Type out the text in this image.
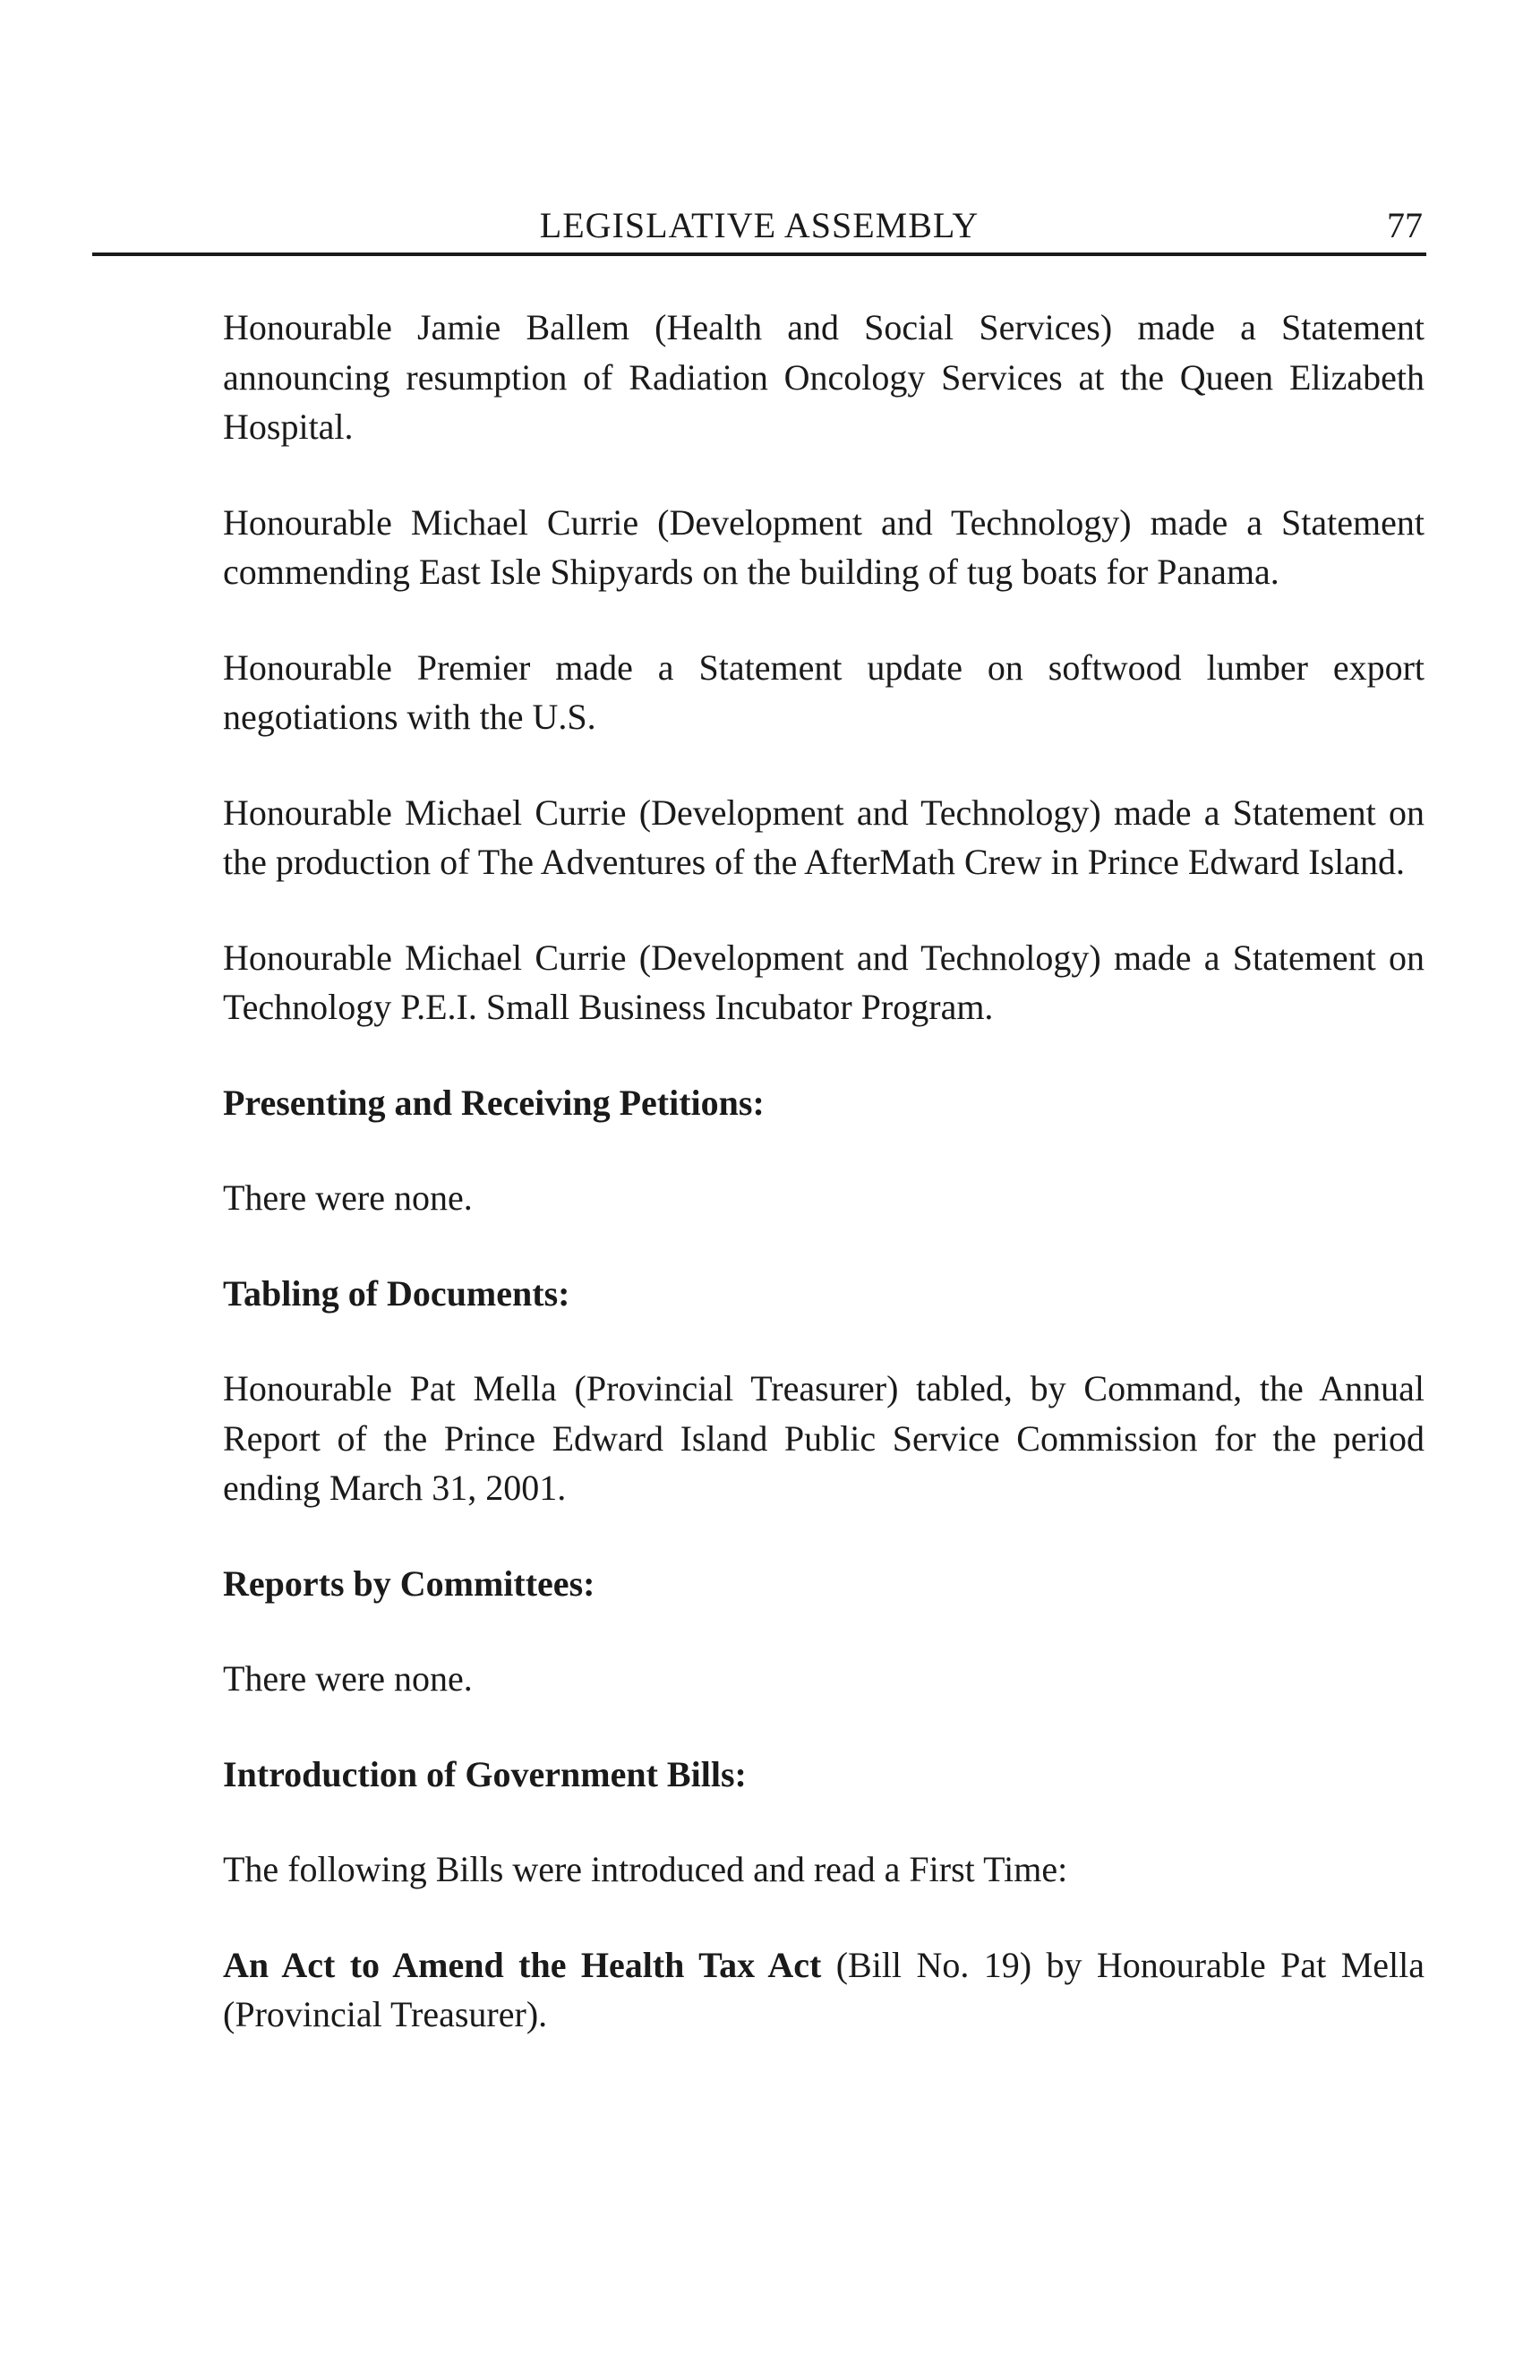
LEGISLATIVE ASSEMBLY	77

Honourable Jamie Ballem (Health and Social Services) made a Statement announcing resumption of Radiation Oncology Services at the Queen Elizabeth Hospital.

Honourable Michael Currie (Development and Technology) made a Statement commending East Isle Shipyards on the building of tug boats for Panama.

Honourable Premier made a Statement update on softwood lumber export negotiations with the U.S.

Honourable Michael Currie (Development and Technology) made a Statement on the production of The Adventures of the AfterMath Crew in Prince Edward Island.

Honourable Michael Currie (Development and Technology) made a Statement on Technology P.E.I. Small Business Incubator Program.

Presenting and Receiving Petitions:

There were none.

Tabling of Documents:

Honourable Pat Mella (Provincial Treasurer) tabled, by Command, the Annual Report of the Prince Edward Island Public Service Commission for the period ending March 31, 2001.

Reports by Committees:

There were none.

Introduction of Government Bills:

The following Bills were introduced and read a First Time:

An Act to Amend the Health Tax Act (Bill No. 19) by Honourable Pat Mella (Provincial Treasurer).
